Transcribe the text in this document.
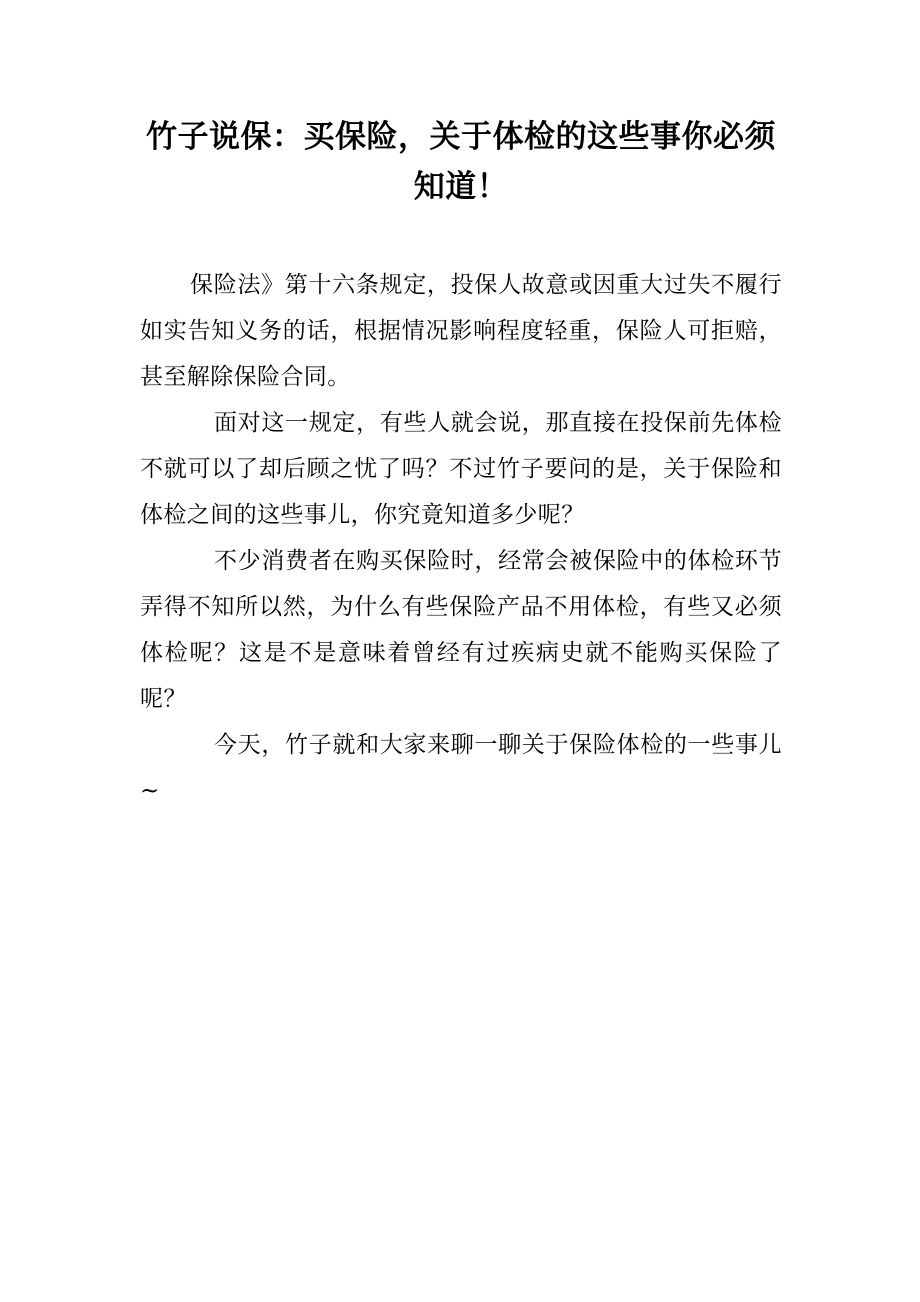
竹子说保：买保险，关于体检的这些事你必须知道！

保险法》第十六条规定，投保人故意或因重大过失不履行如实告知义务的话，根据情况影响程度轻重，保险人可拒赔，甚至解除保险合同。

面对这一规定，有些人就会说，那直接在投保前先体检不就可以了却后顾之忧了吗？不过竹子要问的是，关于保险和体检之间的这些事儿，你究竟知道多少呢？

不少消费者在购买保险时，经常会被保险中的体检环节弄得不知所以然，为什么有些保险产品不用体检，有些又必须体检呢？这是不是意味着曾经有过疾病史就不能购买保险了呢？

今天，竹子就和大家来聊一聊关于保险体检的一些事儿~
